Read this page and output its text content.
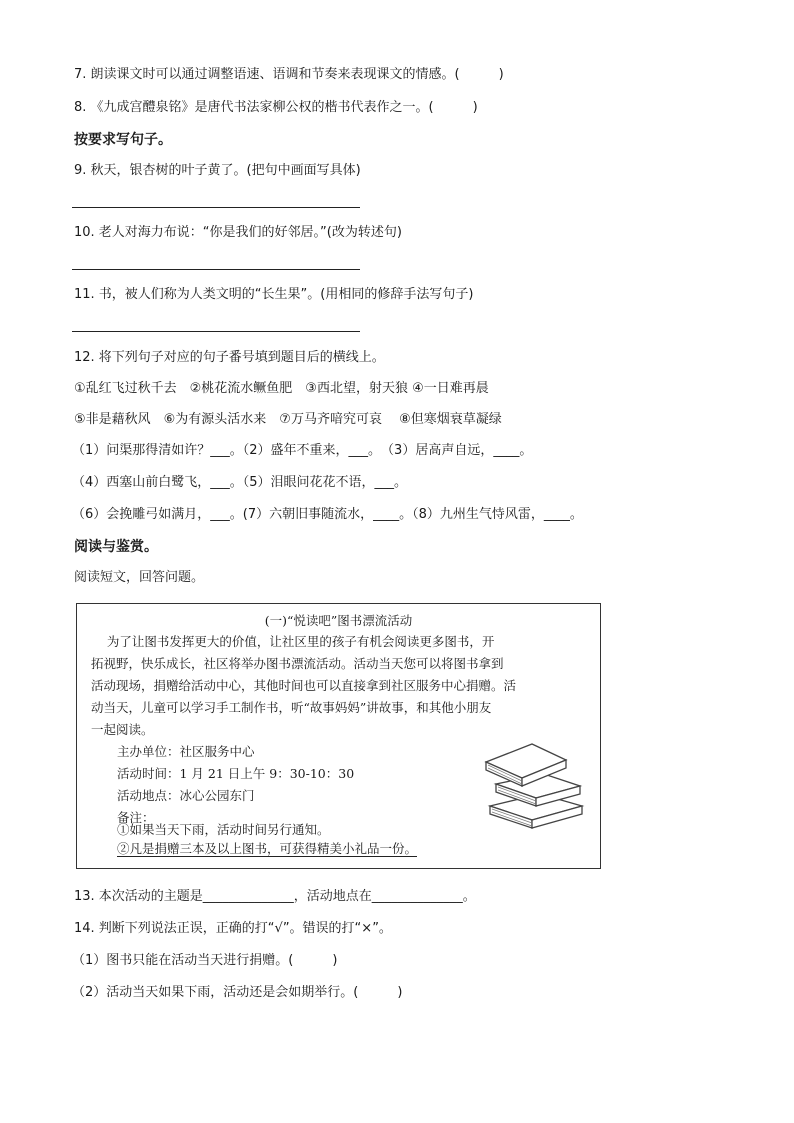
7. 朗读课文时可以通过调整语速、语调和节奏来表现课文的情感。(　　　)
8. 《九成宫醴泉铭》是唐代书法家柳公权的楷书代表作之一。(　　　)
按要求写句子。
9. 秋天，银杏树的叶子黄了。(把句中画面写具体)
10. 老人对海力布说：“你是我们的好邻居。”(改为转述句)
11. 书，被人们称为人类文明的“长生果”。(用相同的修辞手法写句子)
12. 将下列句子对应的句子番号填到题目后的横线上。
①乱红飞过秋千去　②桃花流水鳜鱼肥　③西北望，射天狼 ④一日难再晨
⑤非是藉秋风　⑥为有源头活水来　⑦万马齐喑究可哀　 ⑧但寒烟衰草凝绿
（1）问渠那得清如许？___。（2）盛年不重来，___。　（3）居高声自远，____。
（4）西塞山前白鹭飞，___。（5）泪眼问花花不语，___。
（6）会挽雕弓如满月，___。(7）六朝旧事随流水，____。（8）九州生气恃风雷，____。
阅读与鉴赏。
阅读短文，回答问题。
(一)“悦读吧”图书漂流活动
为了让图书发挥更大的价值，让社区里的孩子有机会阅读更多图书，开
拓视野，快乐成长，社区将举办图书漂流活动。活动当天您可以将图书拿到
活动现场，捐赠给活动中心，其他时间也可以直接拿到社区服务中心捐赠。活
动当天，儿童可以学习手工制作书，听“故事妈妈”讲故事，和其他小朋友
一起阅读。
主办单位：社区服务中心
活动时间：1 月 21 日上午 9：30-10：30
活动地点：冰心公园东门
备注：
①如果当天下雨，活动时间另行通知。
②凡是捐赠三本及以上图书，可获得精美小礼品一份。
13. 本次活动的主题是______________，活动地点在______________。
14. 判断下列说法正误，正确的打“√”。错误的打“×”。
（1）图书只能在活动当天进行捐赠。(　　　)
（2）活动当天如果下雨，活动还是会如期举行。(　　　)
